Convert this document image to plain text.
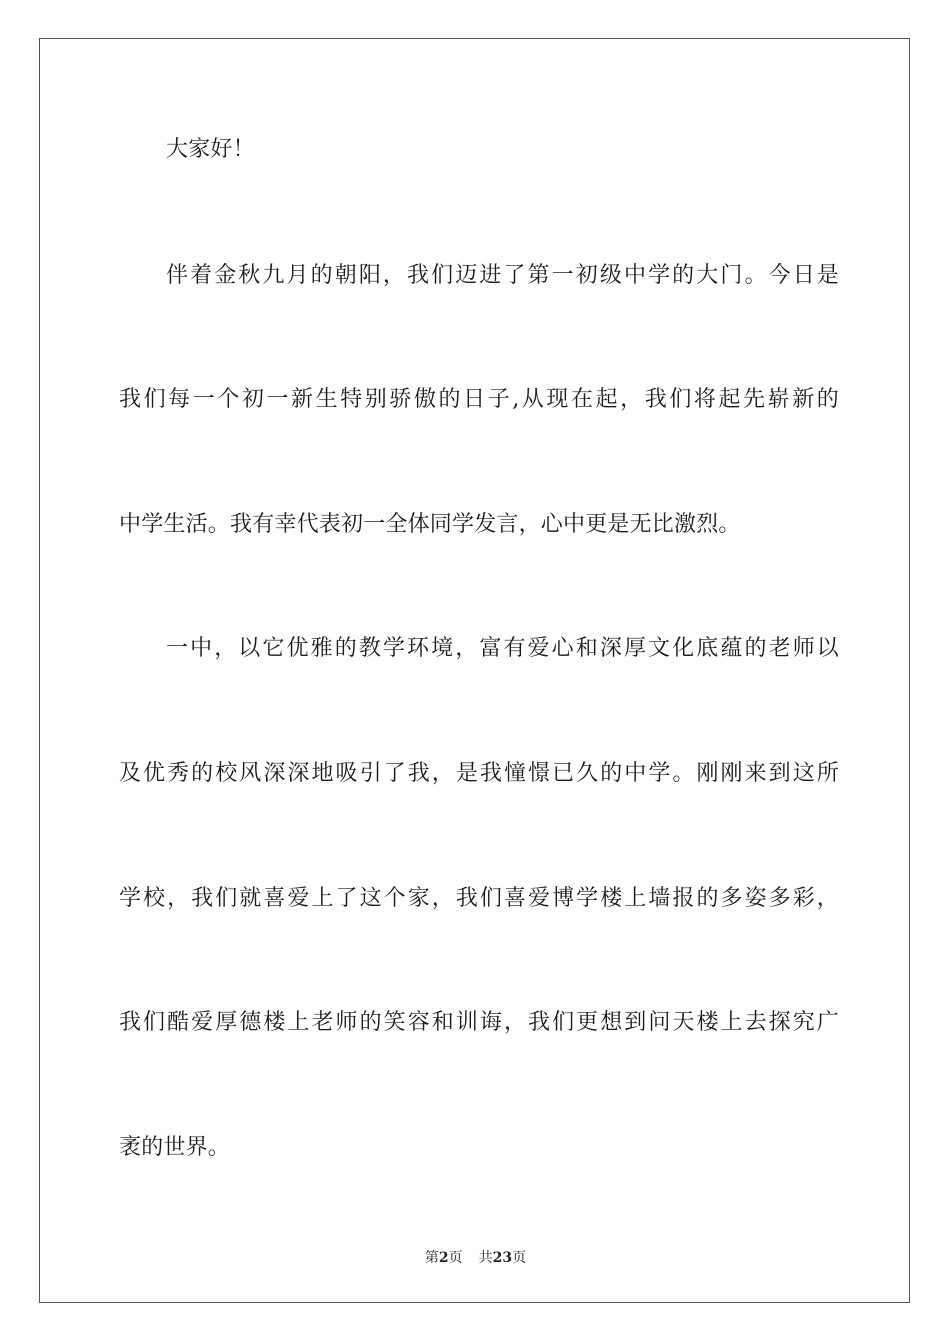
大家好！
伴着金秋九月的朝阳，我们迈进了第一初级中学的大门。今日是
我们每一个初一新生特别骄傲的日子,从现在起，我们将起先崭新的
中学生活。我有幸代表初一全体同学发言，心中更是无比激烈。
一中，以它优雅的教学环境，富有爱心和深厚文化底蕴的老师以
及优秀的校风深深地吸引了我，是我憧憬已久的中学。刚刚来到这所
学校，我们就喜爱上了这个家，我们喜爱博学楼上墙报的多姿多彩，
我们酷爱厚德楼上老师的笑容和训诲，我们更想到问天楼上去探究广
袤的世界。
第2页 共23页
